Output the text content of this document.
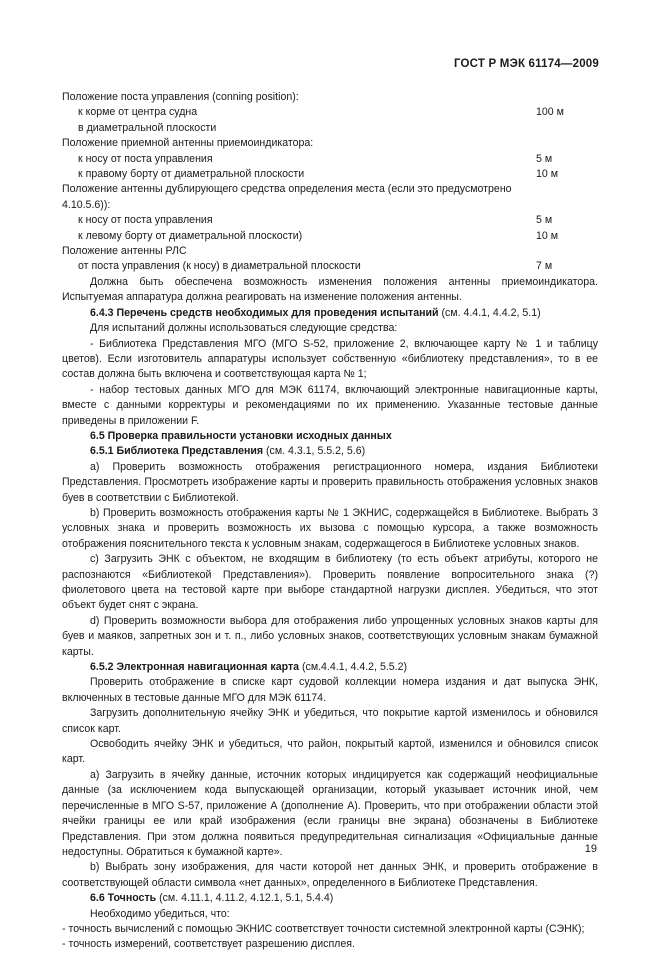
ГОСТ Р МЭК 61174—2009
Положение поста управления (conning position):
к корме от центра судна	100 м
в диаметральной плоскости
Положение приемной антенны приемоиндикатора:
к носу от поста управления	5 м
к правому борту от диаметральной плоскости	10 м
Положение антенны дублирующего средства определения места (если это предусмотрено
4.10.5.6)):
к носу от поста управления	5 м
к левому борту от диаметральной плоскости)	10 м
Положение антенны РЛС
от поста управления (к носу) в диаметральной плоскости	7 м
Должна быть обеспечена возможность изменения положения антенны приемоиндикатора. Испытуемая аппаратура должна реагировать на изменение положения антенны.
6.4.3 Перечень средств необходимых для проведения испытаний (см. 4.4.1, 4.4.2, 5.1)
Для испытаний должны использоваться следующие средства:
- Библиотека Представления МГО (МГО S-52, приложение 2, включающее карту № 1 и таблицу цветов). Если изготовитель аппаратуры использует собственную «библиотеку представления», то в ее состав должна быть включена и соответствующая карта № 1;
- набор тестовых данных МГО для МЭК 61174, включающий электронные навигационные карты, вместе с данными корректуры и рекомендациями по их применению. Указанные тестовые данные приведены в приложении F.
6.5 Проверка правильности установки исходных данных
6.5.1 Библиотека Представления (см. 4.3.1, 5.5.2, 5.6)
a) Проверить возможность отображения регистрационного номера, издания Библиотеки Представления. Просмотреть изображение карты и проверить правильность отображения условных знаков буев в соответствии с Библиотекой.
b) Проверить возможность отображения карты № 1 ЭКНИС, содержащейся в Библиотеке. Выбрать 3 условных знака и проверить возможность их вызова с помощью курсора, а также возможность отображения пояснительного текста к условным знакам, содержащегося в Библиотеке условных знаков.
c) Загрузить ЭНК с объектом, не входящим в библиотеку (то есть объект атрибуты, которого не распознаются «Библиотекой Представления»). Проверить появление вопросительного знака (?) фиолетового цвета на тестовой карте при выборе стандартной нагрузки дисплея. Убедиться, что этот объект будет снят с экрана.
d) Проверить возможности выбора для отображения либо упрощенных условных знаков карты для буев и маяков, запретных зон и т. п., либо условных знаков, соответствующих условным знакам бумажной карты.
6.5.2 Электронная навигационная карта (см.4.4.1, 4.4.2, 5.5.2)
Проверить отображение в списке карт судовой коллекции номера издания и дат выпуска ЭНК, включенных в тестовые данные МГО для МЭК 61174.
Загрузить дополнительную ячейку ЭНК и убедиться, что покрытие картой изменилось и обновился список карт.
Освободить ячейку ЭНК и убедиться, что район, покрытый картой, изменился и обновился список карт.
a) Загрузить в ячейку данные, источник которых индицируется как содержащий неофициальные данные (за исключением кода выпускающей организации, который указывает источник иной, чем перечисленные в МГО S-57, приложение А (дополнение А). Проверить, что при отображении области этой ячейки границы ее или край изображения (если границы вне экрана) обозначены в Библиотеке Представления. При этом должна появиться предупредительная сигнализация «Официальные данные недоступны. Обратиться к бумажной карте».
b) Выбрать зону изображения, для части которой нет данных ЭНК, и проверить отображение в соответствующей области символа «нет данных», определенного в Библиотеке Представления.
6.6 Точность (см. 4.11.1, 4.11.2, 4.12.1, 5.1, 5.4.4)
Необходимо убедиться, что:
- точность вычислений с помощью ЭКНИС соответствует точности системной электронной карты (СЭНК);
- точность измерений, соответствует разрешению дисплея.
19
